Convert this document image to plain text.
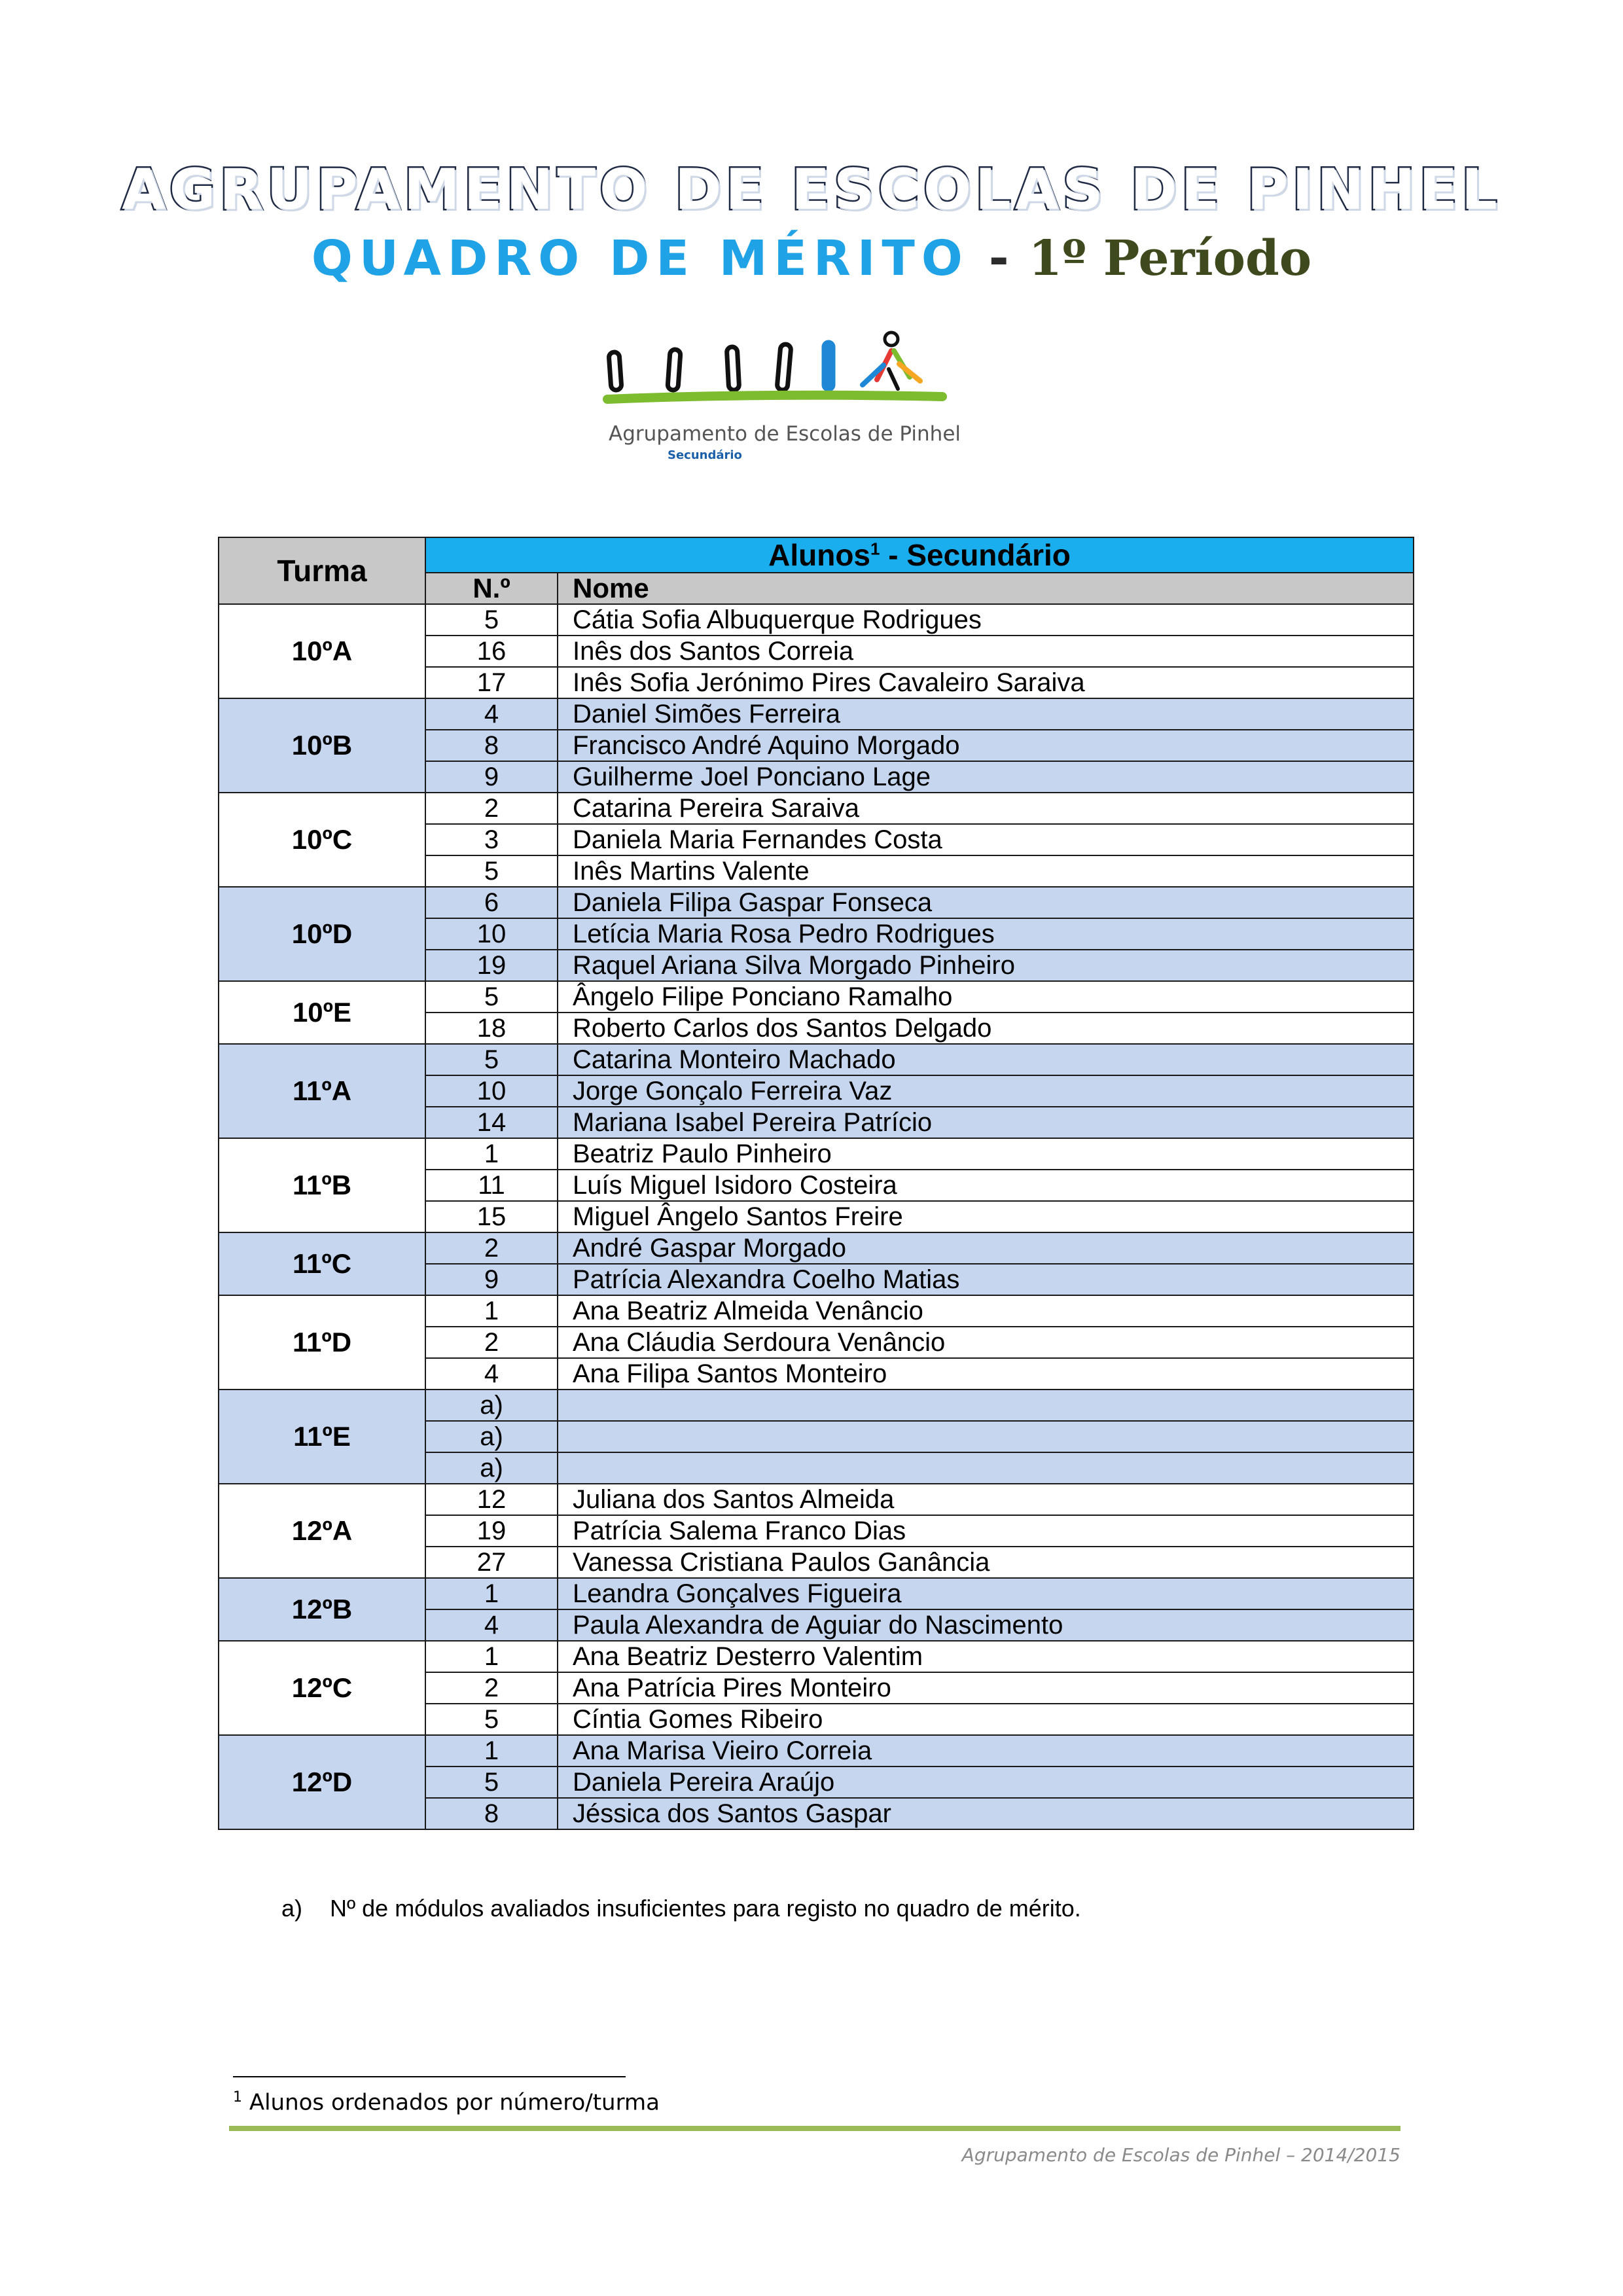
AGRUPAMENTO DE ESCOLAS DE PINHEL
QUADRO DE MÉRITO - 1º Período
Agrupamento de Escolas de Pinhel
Secundário
Turma	Alunos$^1$ - Secundário	
	N.º	Nome
10ºA	5	Cátia Sofia Albuquerque Rodrigues
	16	Inês dos Santos Correia
	17	Inês Sofia Jerónimo Pires Cavaleiro Saraiva
10ºB	4	Daniel Simões Ferreira
	8	Francisco André Aquino Morgado
	9	Guilherme Joel Ponciano Lage
10ºC	2	Catarina Pereira Saraiva
	3	Daniela Maria Fernandes Costa
	5	Inês Martins Valente
10ºD	6	Daniela Filipa Gaspar Fonseca
	10	Letícia Maria Rosa Pedro Rodrigues
	19	Raquel Ariana Silva Morgado Pinheiro
10ºE	5	Ângelo Filipe Ponciano Ramalho
	18	Roberto Carlos dos Santos Delgado
11ºA	5	Catarina Monteiro Machado
	10	Jorge Gonçalo Ferreira Vaz
	14	Mariana Isabel Pereira Patrício
11ºB	1	Beatriz Paulo Pinheiro
	11	Luís Miguel Isidoro Costeira
	15	Miguel Ângelo Santos Freire
11ºC	2	André Gaspar Morgado
	9	Patrícia Alexandra Coelho Matias
11ºD	1	Ana Beatriz Almeida Venâncio
	2	Ana Cláudia Serdoura Venâncio
	4	Ana Filipa Santos Monteiro
11ºE	a)	
	a)	
	a)	
12ºA	12	Juliana dos Santos Almeida
	19	Patrícia Salema Franco Dias
	27	Vanessa Cristiana Paulos Ganância
12ºB	1	Leandra Gonçalves Figueira
	4	Paula Alexandra de Aguiar do Nascimento
12ºC	1	Ana Beatriz Desterro Valentim
	2	Ana Patrícia Pires Monteiro
	5	Cíntia Gomes Ribeiro
12ºD	1	Ana Marisa Vieiro Correia
	5	Daniela Pereira Araújo
	8	Jéssica dos Santos Gaspar
a) Nº de módulos avaliados insuficientes para registo no quadro de mérito.
$^1$ Alunos ordenados por número/turma
Agrupamento de Escolas de Pinhel – 2014/2015
